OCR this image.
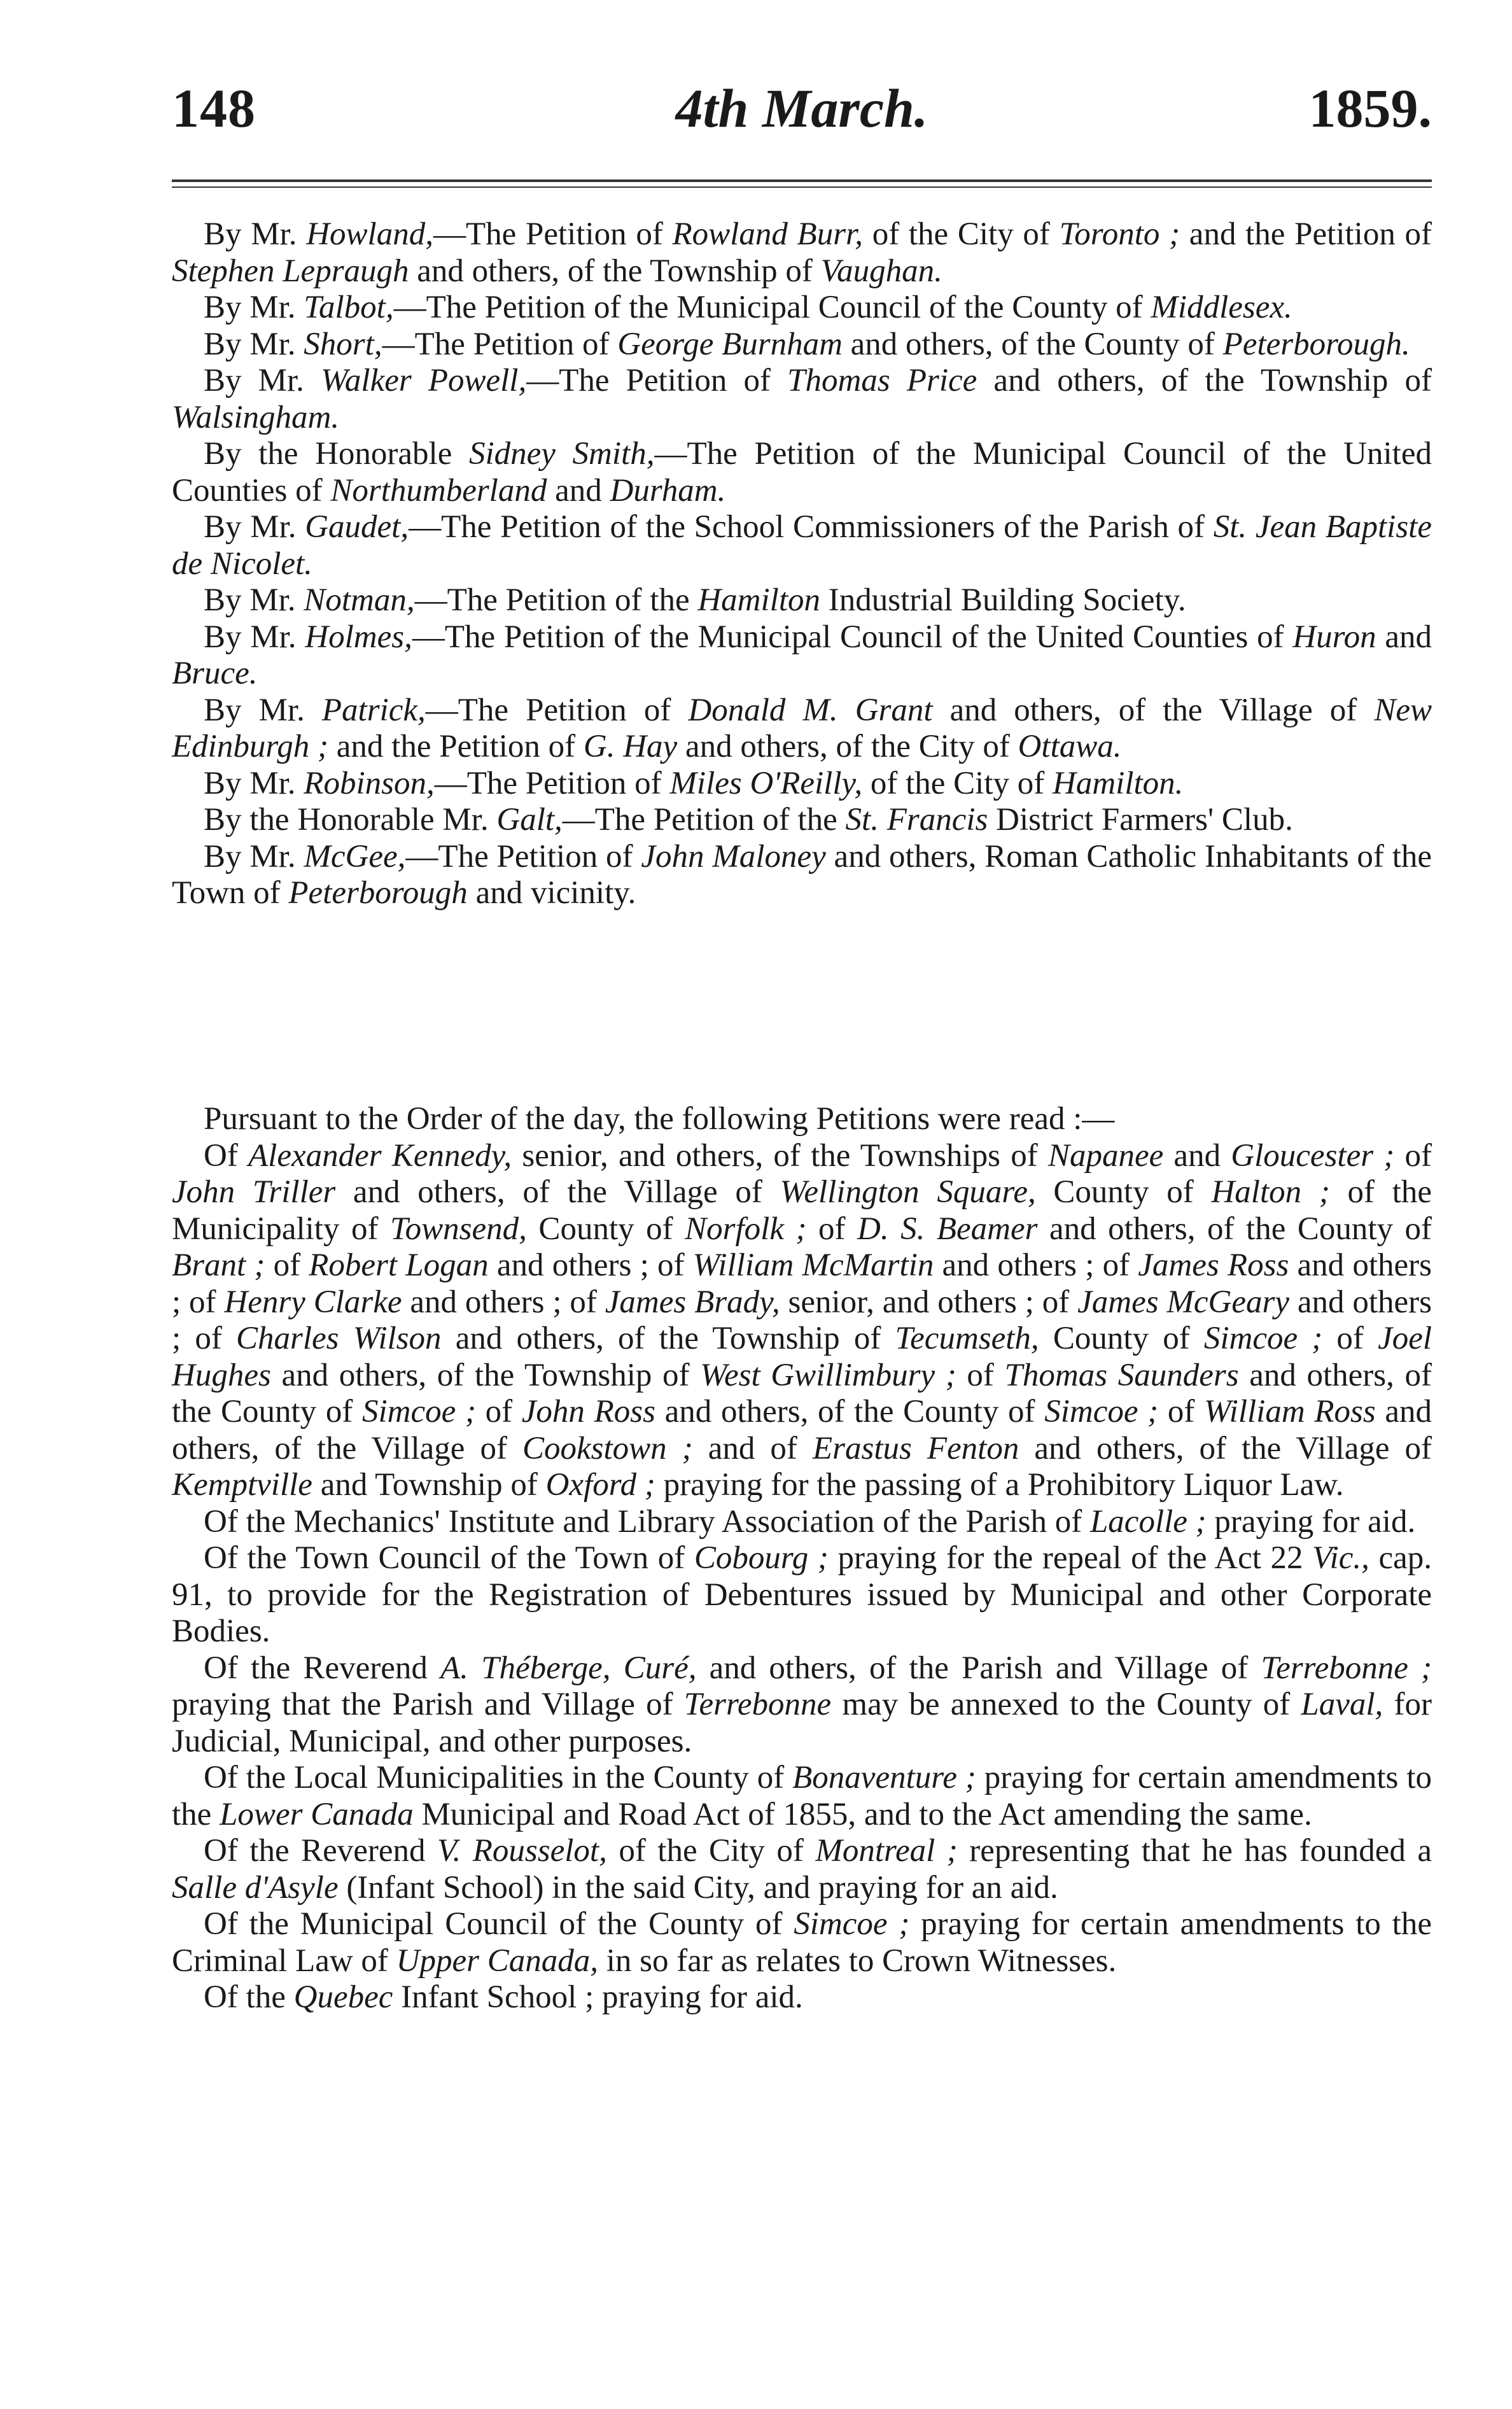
148	4th March.	1859.

By Mr. Howland,—The Petition of Rowland Burr, of the City of Toronto ; and the Petition of Stephen Lepraugh and others, of the Township of Vaughan.

By Mr. Talbot,—The Petition of the Municipal Council of the County of Middlesex.

By Mr. Short,—The Petition of George Burnham and others, of the County of Peterborough.

By Mr. Walker Powell,—The Petition of Thomas Price and others, of the Township of Walsingham.

By the Honorable Sidney Smith,—The Petition of the Municipal Council of the United Counties of Northumberland and Durham.

By Mr. Gaudet,—The Petition of the School Commissioners of the Parish of St. Jean Baptiste de Nicolet.

By Mr. Notman,—The Petition of the Hamilton Industrial Building Society.

By Mr. Holmes,—The Petition of the Municipal Council of the United Counties of Huron and Bruce.

By Mr. Patrick,—The Petition of Donald M. Grant and others, of the Village of New Edinburgh ; and the Petition of G. Hay and others, of the City of Ottawa.

By Mr. Robinson,—The Petition of Miles O'Reilly, of the City of Hamilton.

By the Honorable Mr. Galt,—The Petition of the St. Francis District Farmers' Club.

By Mr. McGee,—The Petition of John Maloney and others, Roman Catholic Inhabitants of the Town of Peterborough and vicinity.

Pursuant to the Order of the day, the following Petitions were read :—

Of Alexander Kennedy, senior, and others, of the Townships of Napanee and Gloucester ; of John Triller and others, of the Village of Wellington Square, County of Halton ; of the Municipality of Townsend, County of Norfolk ; of D. S. Beamer and others, of the County of Brant ; of Robert Logan and others ; of William McMartin and others ; of James Ross and others ; of Henry Clarke and others ; of James Brady, senior, and others ; of James McGeary and others ; of Charles Wilson and others, of the Township of Tecumseth, County of Simcoe ; of Joel Hughes and others, of the Township of West Gwillimbury ; of Thomas Saunders and others, of the County of Simcoe ; of John Ross and others, of the County of Simcoe ; of William Ross and others, of the Village of Cookstown ; and of Erastus Fenton and others, of the Village of Kemptville and Township of Oxford ; praying for the passing of a Prohibitory Liquor Law.

Of the Mechanics' Institute and Library Association of the Parish of Lacolle ; praying for aid.

Of the Town Council of the Town of Cobourg ; praying for the repeal of the Act 22 Vic., cap. 91, to provide for the Registration of Debentures issued by Municipal and other Corporate Bodies.

Of the Reverend A. Théberge, Curé, and others, of the Parish and Village of Terrebonne ; praying that the Parish and Village of Terrebonne may be annexed to the County of Laval, for Judicial, Municipal, and other purposes.

Of the Local Municipalities in the County of Bonaventure ; praying for certain amendments to the Lower Canada Municipal and Road Act of 1855, and to the Act amending the same.

Of the Reverend V. Rousselot, of the City of Montreal ; representing that he has founded a Salle d'Asyle (Infant School) in the said City, and praying for an aid.

Of the Municipal Council of the County of Simcoe ; praying for certain amendments to the Criminal Law of Upper Canada, in so far as relates to Crown Witnesses.

Of the Quebec Infant School ; praying for aid.
